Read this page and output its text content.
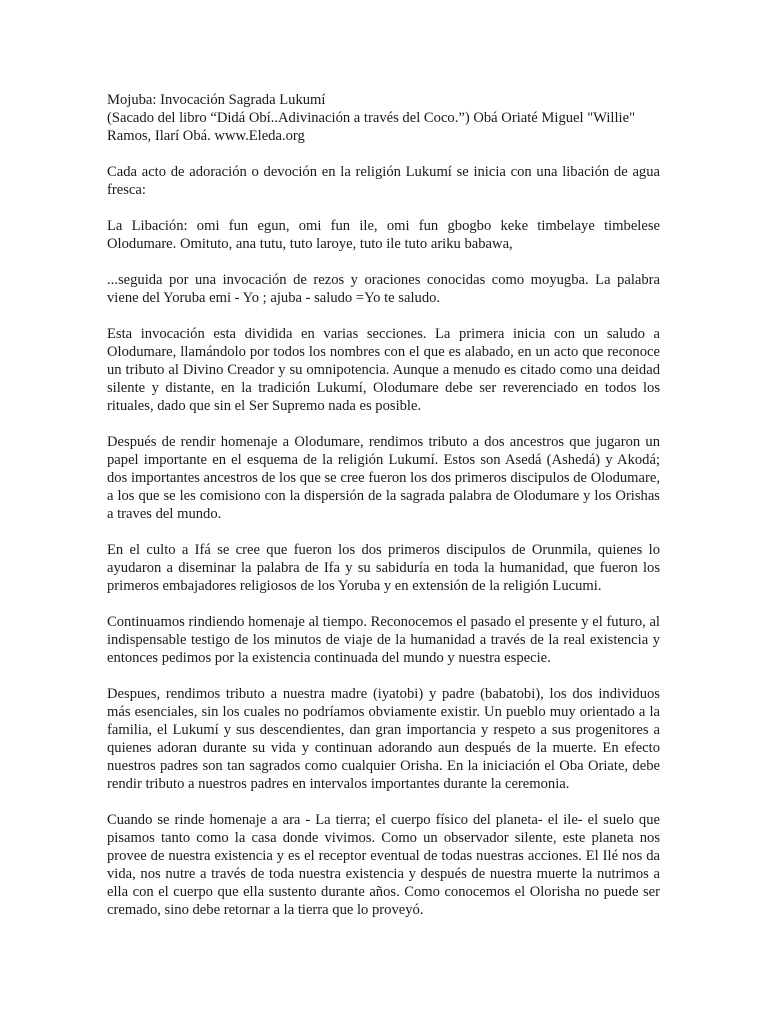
Mojuba: Invocación Sagrada Lukumí

(Sacado del libro “Didá Obí..Adivinación a través del Coco.”) Obá Oriaté Miguel "Willie" Ramos, Ilarí Obá. www.Eleda.org

Cada acto de adoración o devoción en la religión Lukumí se inicia con una libación de agua fresca:

La Libación: omi fun egun, omi fun ile, omi fun gbogbo keke timbelaye timbelese Olodumare. Omituto, ana tutu, tuto laroye, tuto ile tuto ariku babawa,

...seguida por una invocación de rezos y oraciones conocidas como moyugba. La palabra viene del Yoruba emi - Yo ; ajuba - saludo =Yo te saludo.

Esta invocación esta dividida en varias secciones. La primera inicia con un saludo a Olodumare, llamándolo por todos los nombres con el que es alabado, en un acto que reconoce un tributo al Divino Creador y su omnipotencia. Aunque a menudo es citado como una deidad silente y distante, en la tradición Lukumí, Olodumare debe ser reverenciado en todos los rituales, dado que sin el Ser Supremo nada es posible.

Después de rendir homenaje a Olodumare, rendimos tributo a dos ancestros que jugaron un papel importante en el esquema de la religión Lukumí. Estos son Asedá (Ashedá) y Akodá; dos importantes ancestros de los que se cree fueron los dos primeros discipulos de Olodumare, a los que se les comisiono con la dispersión de la sagrada palabra de Olodumare y los Orishas a traves del mundo.

En el culto a Ifá se cree que fueron los dos primeros discipulos de Orunmila, quienes lo ayudaron a diseminar la palabra de Ifa y su sabiduría en toda la humanidad, que fueron los primeros embajadores religiosos de los Yoruba y en extensión de la religión Lucumi.

Continuamos rindiendo homenaje al tiempo. Reconocemos el pasado el presente y el futuro, al indispensable testigo de los minutos de viaje de la humanidad a través de la real existencia y entonces pedimos por la existencia continuada del mundo y nuestra especie.

Despues, rendimos tributo a nuestra madre (iyatobi) y padre (babatobi), los dos individuos más esenciales, sin los cuales no podríamos obviamente existir. Un pueblo muy orientado a la familia, el Lukumí y sus descendientes, dan gran importancia y respeto a sus progenitores a quienes adoran durante su vida y continuan adorando aun después de la muerte. En efecto nuestros padres son tan sagrados como cualquier Orisha. En la iniciación el Oba Oriate, debe rendir tributo a nuestros padres en intervalos importantes durante la ceremonia.

Cuando se rinde homenaje a ara - La tierra; el cuerpo físico del planeta- el ile- el suelo que pisamos tanto como la casa donde vivimos. Como un observador silente, este planeta nos provee de nuestra existencia y es el receptor eventual de todas nuestras acciones. El Ilé nos da vida, nos nutre a través de toda nuestra existencia y después de nuestra muerte la nutrimos a ella con el cuerpo que ella sustento durante años. Como conocemos el Olorisha no puede ser cremado, sino debe retornar a la tierra que lo proveyó.
